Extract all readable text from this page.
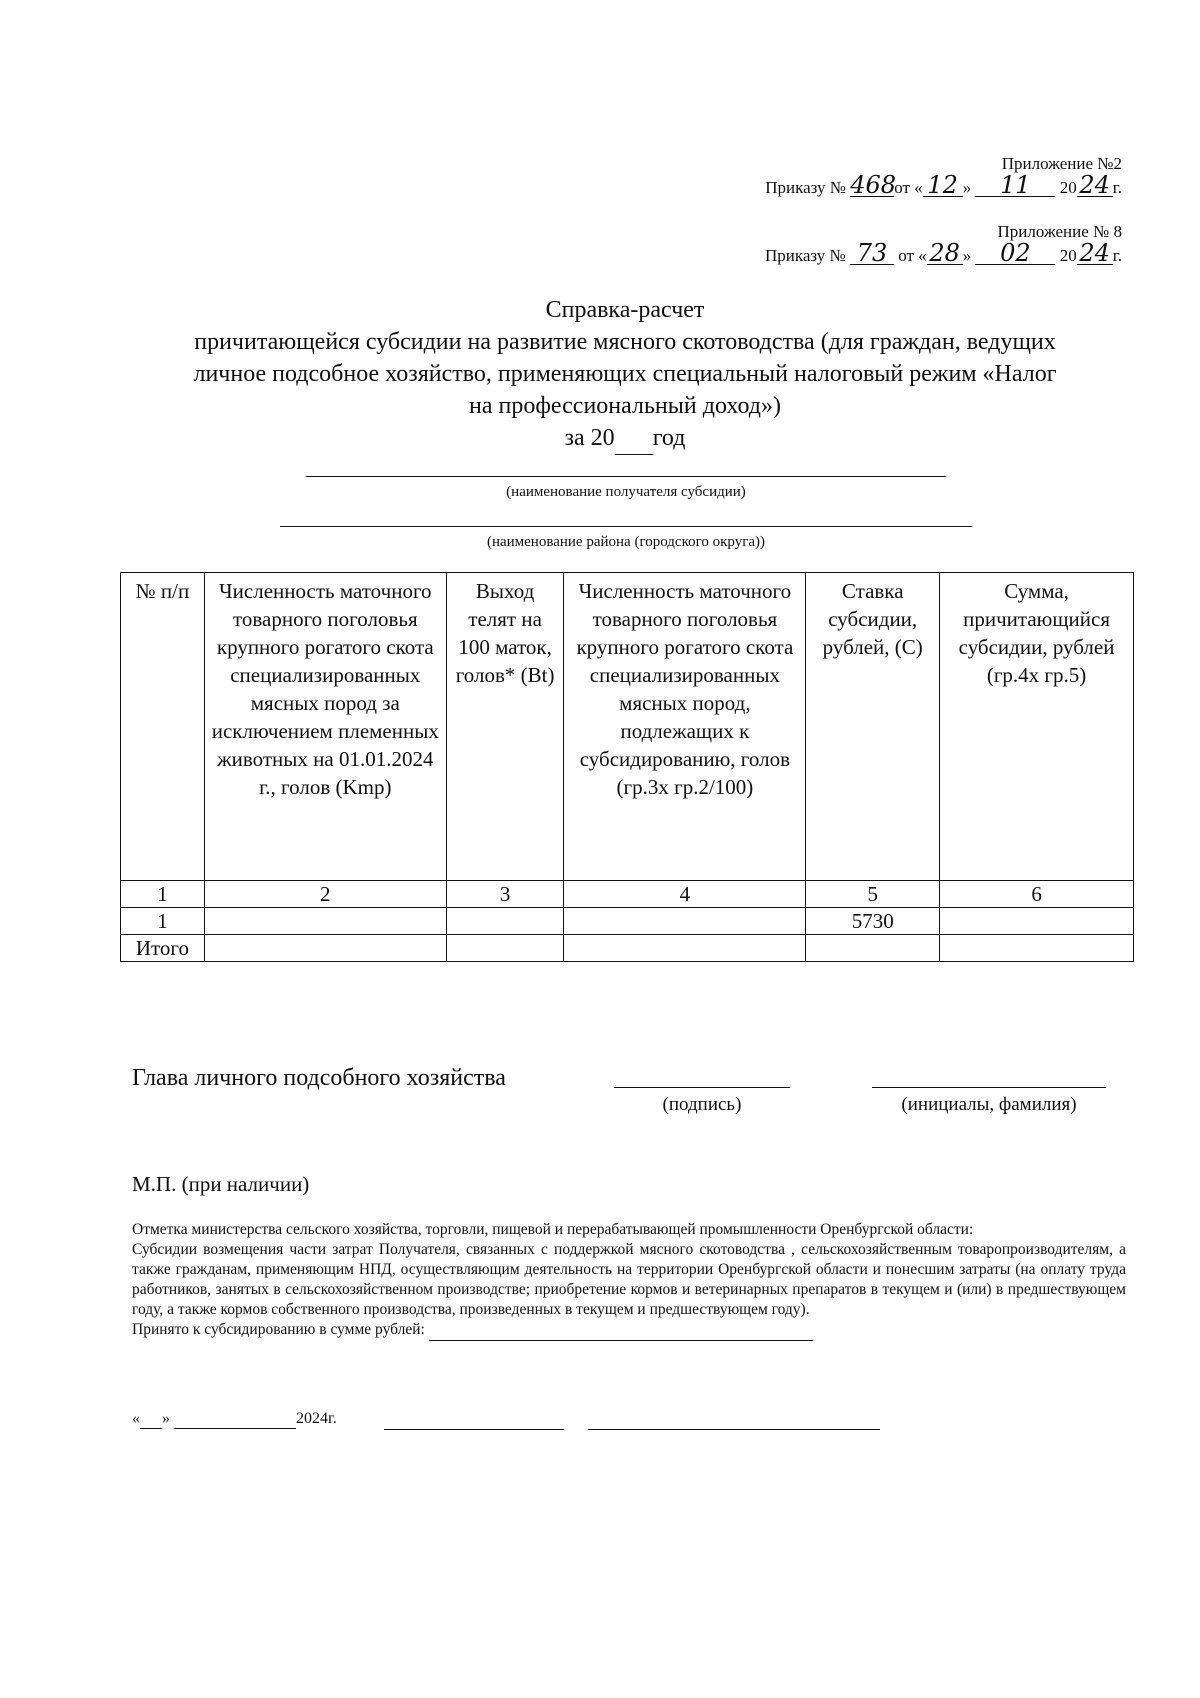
Приложение №2
Приказу № 468от « 12 » 11 20 24 г.
Приложение № 8
Приказу № 73 от « 28 » 02 20 24 г.
Справка-расчет
причитающейся субсидии на развитие мясного скотоводства (для граждан, ведущих
личное подсобное хозяйство, применяющих специальный налоговый режим «Налог
на профессиональный доход»)
за 20 год
(наименование получателя субсидии)
(наименование района (городского округа))
№ п/п	Численность маточного товарного поголовья крупного рогатого скота специализированных мясных пород за исключением племенных животных на 01.01.2024 г., голов (Kmp)	Выход телят на 100 маток, голов* (Bt)	Численность маточного товарного поголовья крупного рогатого скота специализированных мясных пород, подлежащих к субсидированию, голов (гр.3х гр.2/100)	Ставка субсидии, рублей, (С)	Сумма, причитающийся субсидии, рублей (гр.4х гр.5)
1	2	3	4	5	6
1				5730	
Итого					
Глава личного подсобного хозяйства
(подпись)	(инициалы, фамилия)
М.П. (при наличии)

Отметка министерства сельского хозяйства, торговли, пищевой и перерабатывающей промышленности Оренбургской области:

Субсидии возмещения части затрат Получателя, связанных с поддержкой мясного скотоводства , сельскохозяйственным товаропроизводителям, а также гражданам, применяющим НПД, осуществляющим деятельность на территории Оренбургской области и понесшим затраты (на оплату труда работников, занятых в сельскохозяйственном производстве; приобретение кормов и ветеринарных препаратов в текущем и (или) в предшествующем году, а также кормов собственного производства, произведенных в текущем и предшествующем году).

Принято к субсидированию в сумме рублей:

« »	2024г.
